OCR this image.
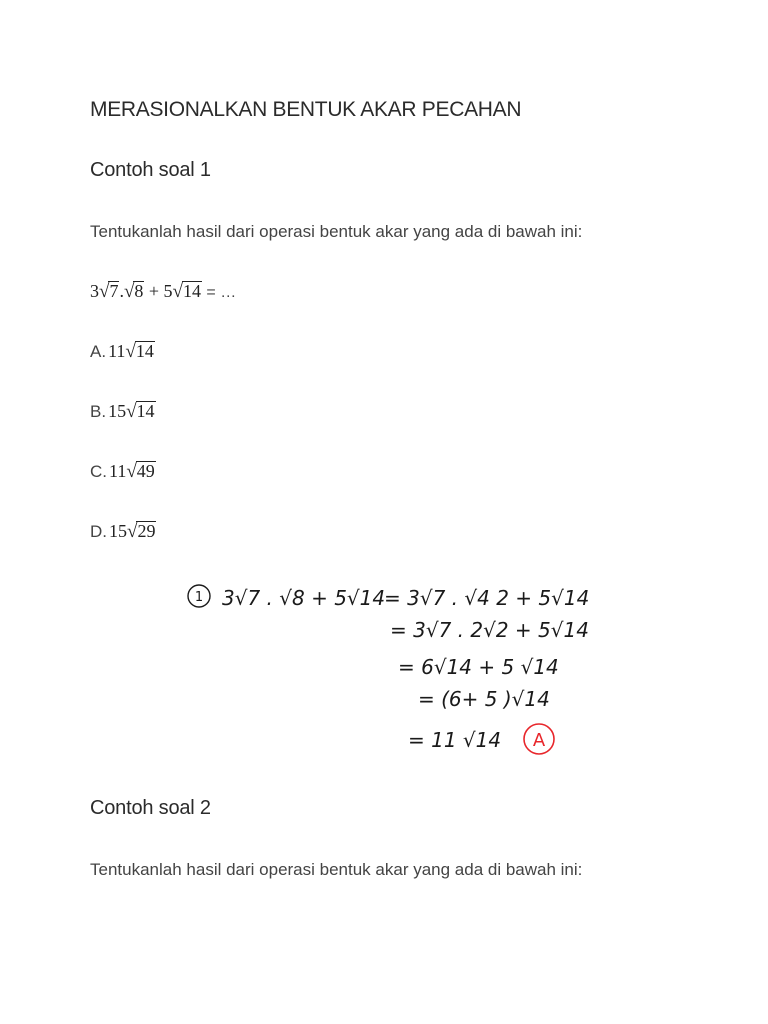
MERASIONALKAN BENTUK AKAR PECAHAN
Contoh soal 1
Tentukanlah hasil dari operasi bentuk akar yang ada di bawah ini:
3√7.√8 + 5√14 = …
A. 11√14
B. 15√14
C. 11√49
D. 15√29
1 3√7 . √8 + 5√14
= 3√7 . √4 2 + 5√14
= 3√7 . 2√2 + 5√14
= 6√14 + 5 √14
= (6+ 5 )√14
= 11 √14 A
Contoh soal 2
Tentukanlah hasil dari operasi bentuk akar yang ada di bawah ini:
